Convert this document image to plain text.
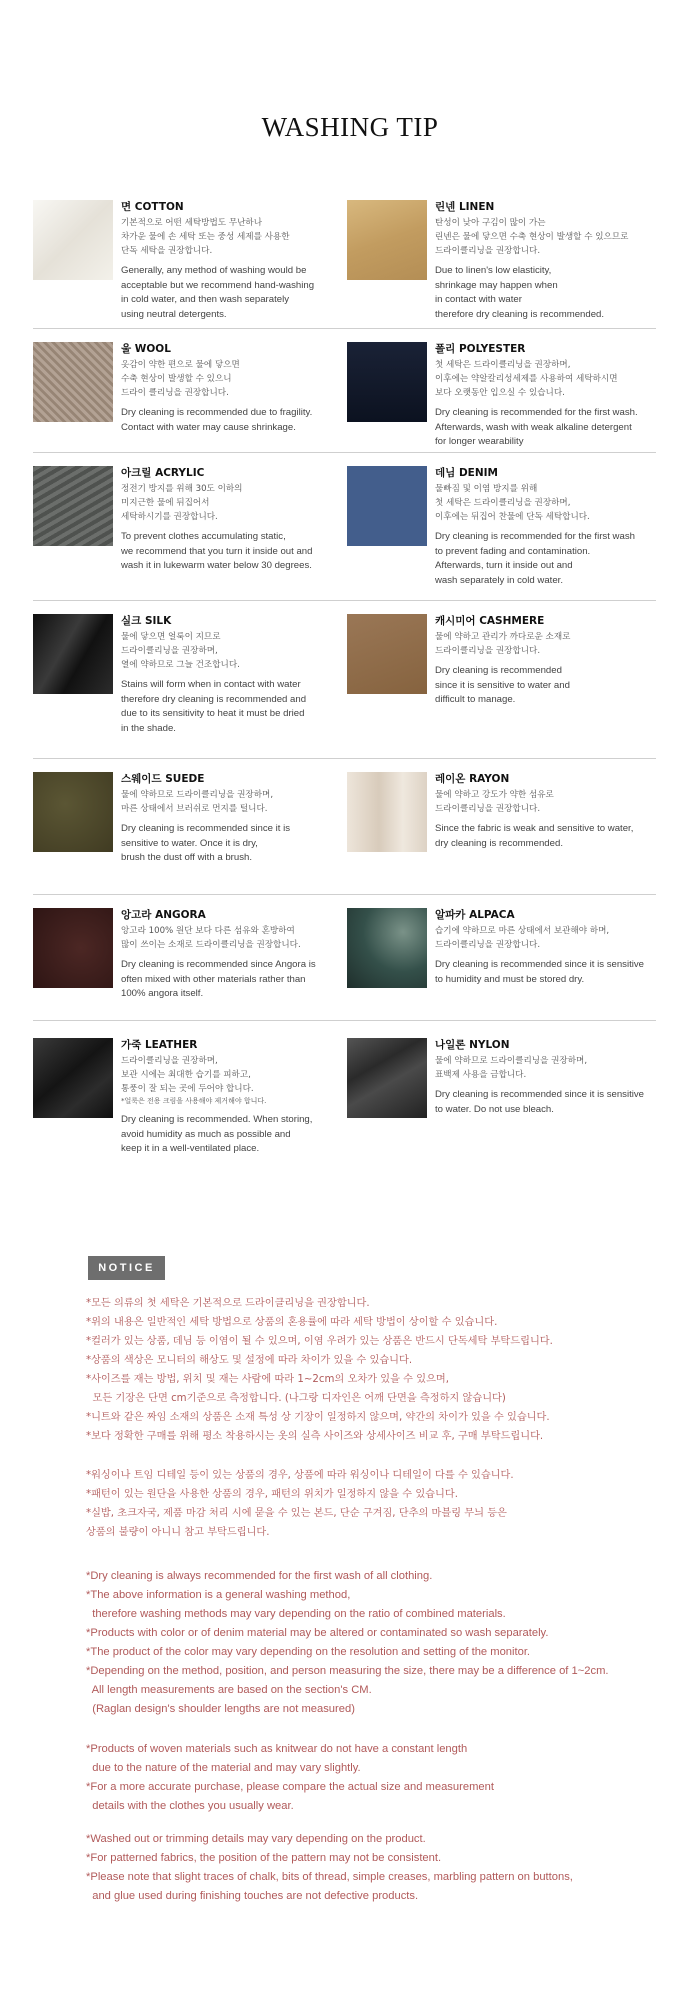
WASHING TIP
면 COTTON
기본적으로 어떤 세탁방법도 무난하나
차가운 물에 손 세탁 또는 중성 세제를 사용한
단독 세탁을 권장합니다.
Generally, any method of washing would be
acceptable but we recommend hand-washing
in cold water, and then wash separately
using neutral detergents.
린넨 LINEN
탄성이 낮아 구김이 많이 가는
린넨은 물에 닿으면 수축 현상이 발생할 수 있으므로
드라이클리닝을 권장합니다.
Due to linen's low elasticity,
shrinkage may happen when
in contact with water
therefore dry cleaning is recommended.
울 WOOL
옷감이 약한 편으로 물에 닿으면
수축 현상이 발생할 수 있으니
드라이 클리닝을 권장합니다.
Dry cleaning is recommended due to fragility.
Contact with water may cause shrinkage.
폴리 POLYESTER
첫 세탁은 드라이클리닝을 권장하며,
이후에는 약알칼리성세제를 사용하여 세탁하시면
보다 오랫동안 입으실 수 있습니다.
Dry cleaning is recommended for the first wash.
Afterwards, wash with weak alkaline detergent
for longer wearability
아크릴 ACRYLIC
정전기 방지를 위해 30도 이하의
미지근한 물에 뒤집어서
세탁하시기를 권장합니다.
To prevent clothes accumulating static,
we recommend that you turn it inside out and
wash it in lukewarm water below 30 degrees.
데님 DENIM
물빠짐 및 이염 방지를 위해
첫 세탁은 드라이클리닝을 권장하며,
이후에는 뒤집어 찬물에 단독 세탁합니다.
Dry cleaning is recommended for the first wash
to prevent fading and contamination.
Afterwards, turn it inside out and
wash separately in cold water.
실크 SILK
물에 닿으면 얼룩이 지므로
드라이클리닝을 권장하며,
열에 약하므로 그늘 건조합니다.
Stains will form when in contact with water
therefore dry cleaning is recommended and
due to its sensitivity to heat it must be dried
in the shade.
캐시미어 CASHMERE
물에 약하고 관리가 까다로운 소재로
드라이클리닝을 권장합니다.
Dry cleaning is recommended
since it is sensitive to water and
difficult to manage.
스웨이드 SUEDE
물에 약하므로 드라이클리닝을 권장하며,
마른 상태에서 브러쉬로 먼지를 털니다.
Dry cleaning is recommended since it is
sensitive to water. Once it is dry,
brush the dust off with a brush.
레이온 RAYON
물에 약하고 강도가 약한 섬유로
드라이클리닝을 권장합니다.
Since the fabric is weak and sensitive to water,
dry cleaning is recommended.
앙고라 ANGORA
앙고라 100% 원단 보다 다른 섬유와 혼방하여
많이 쓰이는 소재로 드라이클리닝을 권장합니다.
Dry cleaning is recommended since Angora is
often mixed with other materials rather than
100% angora itself.
알파카 ALPACA
습기에 약하므로 마른 상태에서 보관해야 하며,
드라이클리닝을 권장합니다.
Dry cleaning is recommended since it is sensitive
to humidity and must be stored dry.
가죽 LEATHER
드라이클리닝을 권장하며,
보관 시에는 최대한 습기를 피하고,
통풍이 잘 되는 곳에 두어야 합니다.
*얼룩은 전용 크림을 사용해야 제거해야 합니다.
Dry cleaning is recommended. When storing,
avoid humidity as much as possible and
keep it in a well-ventilated place.
나일론 NYLON
물에 약하므로 드라이클리닝을 권장하며,
표백제 사용을 금합니다.
Dry cleaning is recommended since it is sensitive
to water. Do not use bleach.
NOTICE
*모든 의류의 첫 세탁은 기본적으로 드라이클리닝을 권장합니다.
*위의 내용은 일반적인 세탁 방법으로 상품의 혼용률에 따라 세탁 방법이 상이할 수 있습니다.
*컬러가 있는 상품, 데님 등 이염이 될 수 있으며, 이염 우려가 있는 상품은 반드시 단독세탁 부탁드립니다.
*상품의 색상은 모니터의 해상도 및 설정에 따라 차이가 있을 수 있습니다.
*사이즈를 재는 방법, 위치 및 재는 사람에 따라 1~2cm의 오차가 있을 수 있으며,
모든 기장은 단면 cm기준으로 측정합니다. (나그랑 디자인은 어깨 단면을 측정하지 않습니다)
*니트와 같은 짜임 소재의 상품은 소재 특성 상 기장이 일정하지 않으며, 약간의 차이가 있을 수 있습니다.
*보다 정확한 구매를 위해 평소 착용하시는 옷의 실측 사이즈와 상세사이즈 비교 후, 구매 부탁드립니다.
*워싱이나 트임 디테일 등이 있는 상품의 경우, 상품에 따라 워싱이나 디테일이 다를 수 있습니다.
*패턴이 있는 원단을 사용한 상품의 경우, 패턴의 위치가 일정하지 않을 수 있습니다.
*실밥, 초크자국, 제품 마감 처리 시에 묻을 수 있는 본드, 단순 구겨짐, 단추의 마블링 무늬 등은
상품의 불량이 아니니 참고 부탁드립니다.
*Dry cleaning is always recommended for the first wash of all clothing.
*The above information is a general washing method,
therefore washing methods may vary depending on the ratio of combined materials.
*Products with color or of denim material may be altered or contaminated so wash separately.
*The product of the color may vary depending on the resolution and setting of the monitor.
*Depending on the method, position, and person measuring the size, there may be a difference of 1~2cm.
All length measurements are based on the section's CM.
(Raglan design's shoulder lengths are not measured)
*Products of woven materials such as knitwear do not have a constant length
due to the nature of the material and may vary slightly.
*For a more accurate purchase, please compare the actual size and measurement
details with the clothes you usually wear.
*Washed out or trimming details may vary depending on the product.
*For patterned fabrics, the position of the pattern may not be consistent.
*Please note that slight traces of chalk, bits of thread, simple creases, marbling pattern on buttons,
and glue used during finishing touches are not defective products.
